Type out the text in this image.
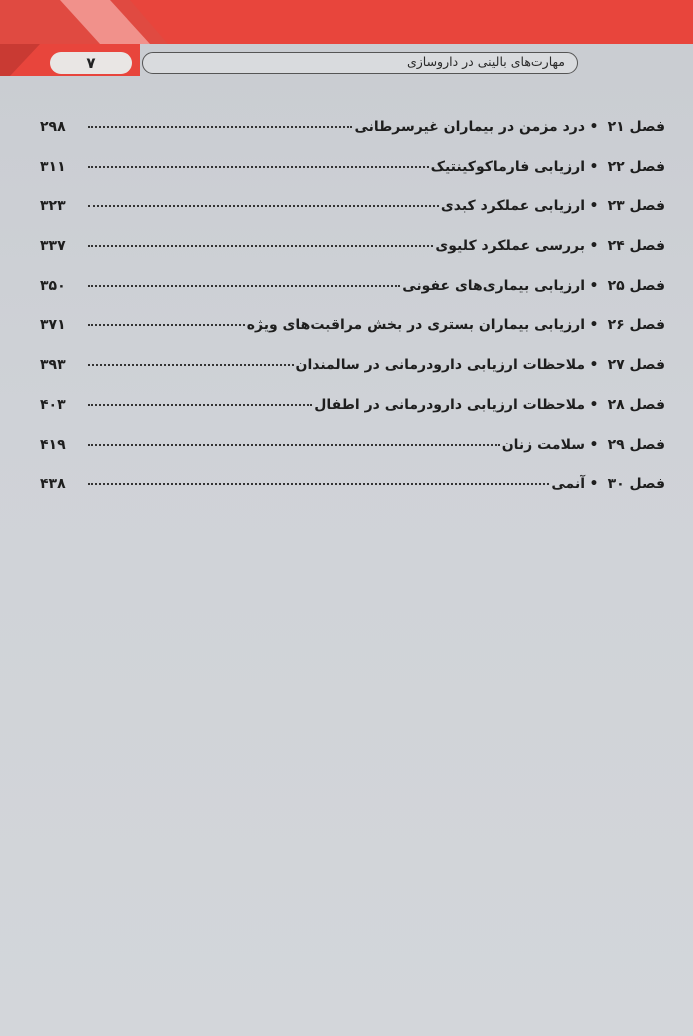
مهارت‌های بالینی در داروسازی
۷
فصل ۲۱
•
درد مزمن در بیماران غیرسرطانی
۲۹۸
فصل ۲۲
•
ارزیابی فارماکوکینتیک
۳۱۱
فصل ۲۳
•
ارزیابی عملکرد کبدی
۳۲۳
فصل ۲۴
•
بررسی عملکرد کلیوی
۳۳۷
فصل ۲۵
•
ارزیابی بیماری‌های عفونی
۳۵۰
فصل ۲۶
•
ارزیابی بیماران بستری در بخش مراقبت‌های ویژه
۳۷۱
فصل ۲۷
•
ملاحظات ارزیابی دارودرمانی در سالمندان
۳۹۳
فصل ۲۸
•
ملاحظات ارزیابی دارودرمانی در اطفال
۴۰۳
فصل ۲۹
•
سلامت زنان
۴۱۹
فصل ۳۰
•
آنمی
۴۳۸
